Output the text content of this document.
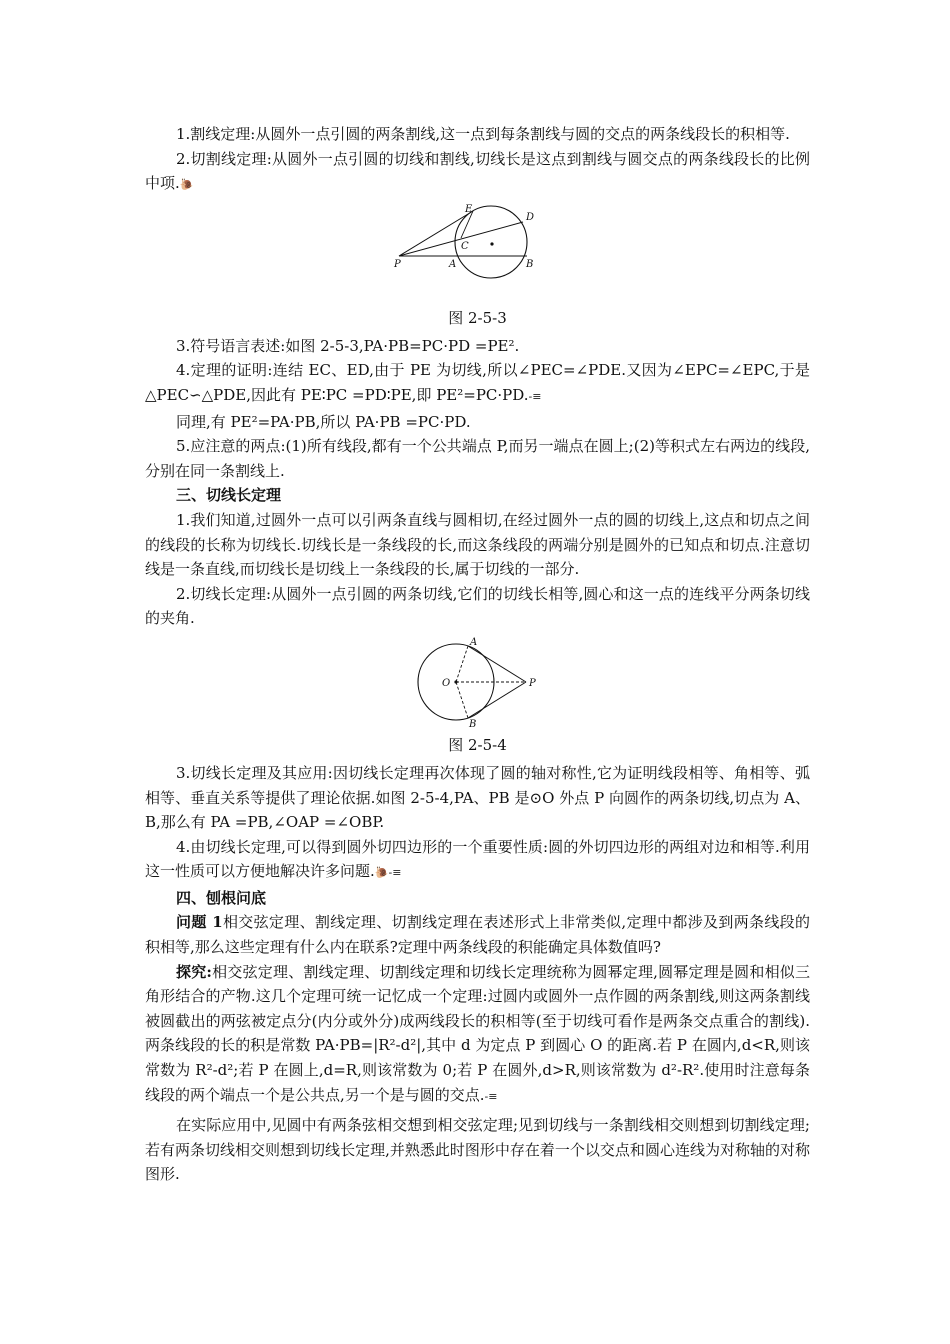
1.割线定理:从圆外一点引圆的两条割线,这一点到每条割线与圆的交点的两条线段长的积相等.

2.切割线定理:从圆外一点引圆的切线和割线,切线长是这点到割线与圆交点的两条线段长的比例中项.🐌

E
D
C
P	A	B
图 2-5-3

3.符号语言表述:如图 2-5-3,PA·PB=PC·PD =PE².

4.定理的证明:连结 EC、ED,由于 PE 为切线,所以∠PEC=∠PDE.又因为∠EPC=∠EPC,于是△PEC∽△PDE,因此有 PE∶PC =PD∶PE,即 PE²=PC·PD.-≡

同理,有 PE²=PA·PB,所以 PA·PB =PC·PD.

5.应注意的两点:(1)所有线段,都有一个公共端点 P,而另一端点在圆上;(2)等积式左右两边的线段,分别在同一条割线上.

三、切线长定理

1.我们知道,过圆外一点可以引两条直线与圆相切,在经过圆外一点的圆的切线上,这点和切点之间的线段的长称为切线长.切线长是一条线段的长,而这条线段的两端分别是圆外的已知点和切点.注意切线是一条直线,而切线长是切线上一条线段的长,属于切线的一部分.

2.切线长定理:从圆外一点引圆的两条切线,它们的切线长相等,圆心和这一点的连线平分两条切线的夹角.

A
O	P
B
图 2-5-4

3.切线长定理及其应用:因切线长定理再次体现了圆的轴对称性,它为证明线段相等、角相等、弧相等、垂直关系等提供了理论依据.如图 2-5-4,PA、PB 是⊙O 外点 P 向圆作的两条切线,切点为 A、B,那么有 PA =PB,∠OAP =∠OBP.

4.由切线长定理,可以得到圆外切四边形的一个重要性质:圆的外切四边形的两组对边和相等.利用这一性质可以方便地解决许多问题.🐌-≡

四、刨根问底

问题 1相交弦定理、割线定理、切割线定理在表述形式上非常类似,定理中都涉及到两条线段的积相等,那么这些定理有什么内在联系?定理中两条线段的积能确定具体数值吗?

探究:相交弦定理、割线定理、切割线定理和切线长定理统称为圆幂定理,圆幂定理是圆和相似三角形结合的产物.这几个定理可统一记忆成一个定理:过圆内或圆外一点作圆的两条割线,则这两条割线被圆截出的两弦被定点分(内分或外分)成两线段长的积相等(至于切线可看作是两条交点重合的割线).两条线段的长的积是常数 PA·PB=|R²-d²|,其中 d 为定点 P 到圆心 O 的距离.若 P 在圆内,d<R,则该常数为 R²-d²;若 P 在圆上,d=R,则该常数为 0;若 P 在圆外,d>R,则该常数为 d²-R².使用时注意每条线段的两个端点一个是公共点,另一个是与圆的交点.-≡

在实际应用中,见圆中有两条弦相交想到相交弦定理;见到切线与一条割线相交则想到切割线定理;若有两条切线相交则想到切线长定理,并熟悉此时图形中存在着一个以交点和圆心连线为对称轴的对称图形.
